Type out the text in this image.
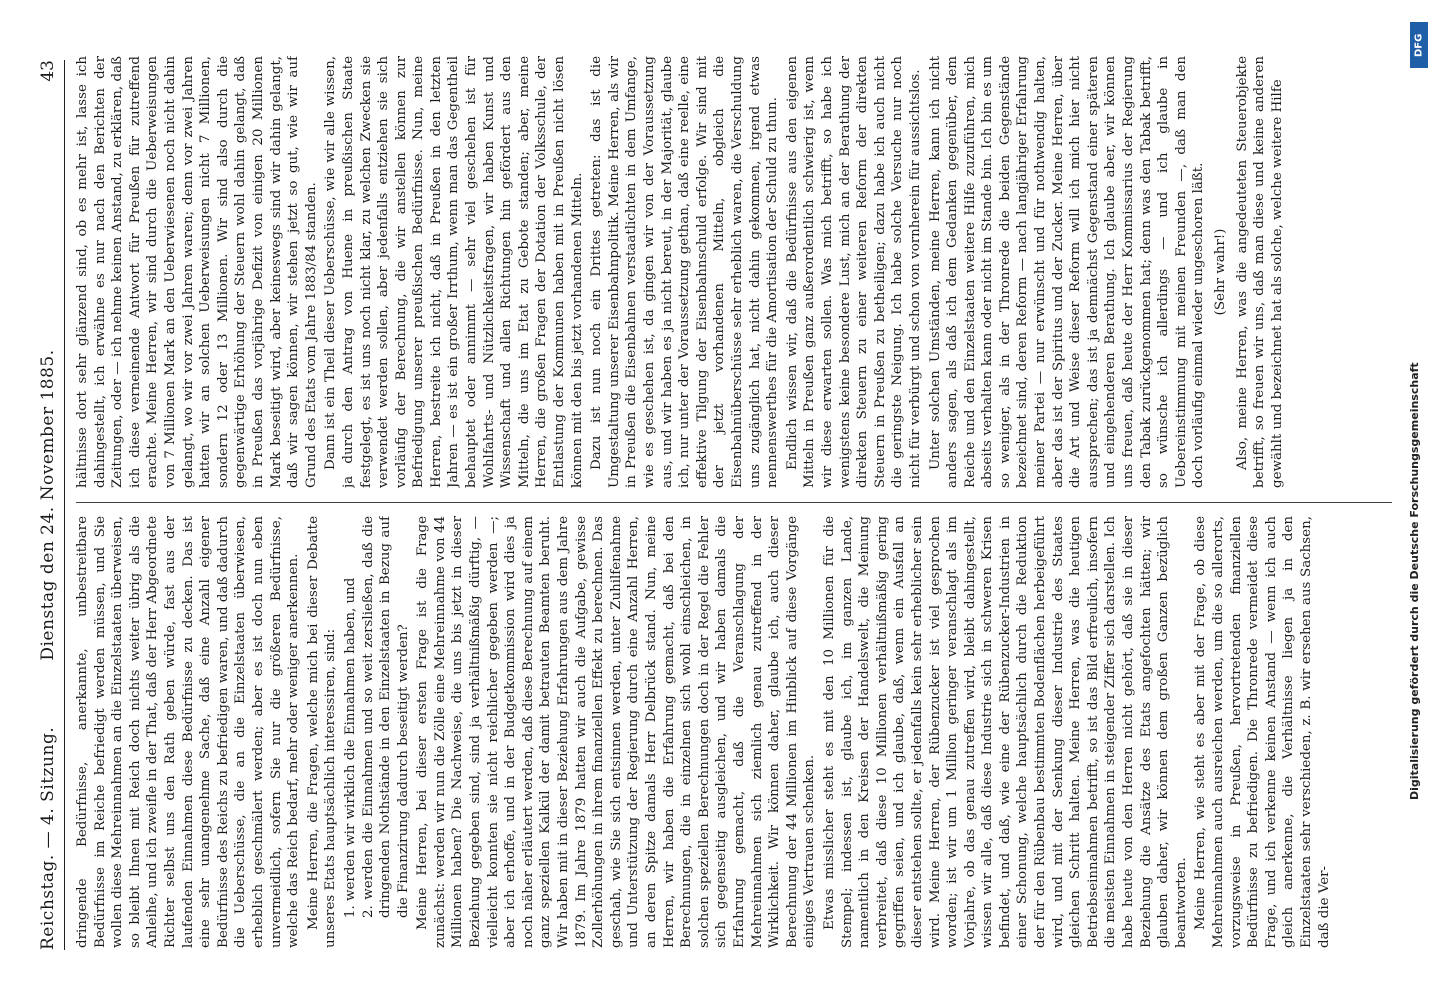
Reichstag. — 4. Sitzung.
Dienstag den 24. November 1885.
43

dringende Bedürfnisse, anerkannte, unbestreitbare Bedürfnisse im Reiche befriedigt werden müssen, und Sie wollen diese Mehreinnahmen an die Einzelstaaten überweisen, so bleibt Ihnen mit Reich doch nichts weiter übrig als die Anleihe, und ich zweifle in der That, daß der Herr Abgeordnete Richter selbst uns den Rath geben würde, fast aus der laufenden Einnahmen diese Bedürfnisse zu decken. Das ist eine sehr unangenehme Sache, daß eine Anzahl eigener Bedürfnisse des Reichs zu befriedigen waren, und daß dadurch die Ueberschüsse, die an die Einzelstaaten überwiesen, erheblich geschmälert werden; aber es ist doch nun eben unvermeidlich, sofern Sie nur die größeren Bedürfnisse, welche das Reich bedarf, mehr oder weniger anerkennen. Meine Herren, die Fragen, welche mich bei dieser Debatte unseres Etats hauptsächlich interessiren, sind: 1. werden wir wirklich die Einnahmen haben, und 2. werden die Einnahmen und so weit zersließen, daß die dringenden Nothstände in den Einzelstaaten in Bezug auf die Finanzirung dadurch beseitigt werden? Meine Herren, bei dieser ersten Frage ist die Frage zunächst: werden wir nun die Zölle eine Mehreinnahme von 44 Millionen haben? Die Nachweise, die uns bis jetzt in dieser Beziehung gegeben sind, sind ja verhältnißmäßig dürftig, — vielleicht konnten sie nicht reichlicher gegeben werden —; aber ich erhoffe, und in der Budgetkommission wird dies ja noch näher erläutert werden, daß diese Berechnung auf einem ganz speziellen Kalkül der damit betrauten Beamten beruht. Wir haben mit in dieser Beziehung Erfahrungen aus dem Jahre 1879. Im Jahre 1879 hatten wir auch die Aufgabe, gewisse Zollerhöhungen in ihrem finanziellen Effekt zu berechnen. Das geschah, wie Sie sich entsinnen werden, unter Zuhilfenahme und Unterstützung der Regierung durch eine Anzahl Herren, an deren Spitze damals Herr Delbrück stand. Nun, meine Herren, wir haben die Erfahrung gemacht, daß bei den Berechnungen, die in einzelnen sich wohl einschleichen, in solchen speziellen Berechnungen doch in der Regel die Fehler sich gegenseitig ausgleichen, und wir haben damals die Erfahrung gemacht, daß die Veranschlagung der Mehreinnahmen sich ziemlich genau zutreffend in der Wirklichkeit. Wir können daher, glaube ich, auch dieser Berechnung der 44 Millionen im Hinblick auf diese Vorgänge einiges Vertrauen schenken. Etwas misslicher steht es mit den 10 Millionen für die Stempel; indessen ist, glaube ich, im ganzen Lande, namentlich in den Kreisen der Handelswelt, die Meinung verbreitet, daß diese 10 Millionen verhältnißmäßig gering gegriffen seien, und ich glaube, daß, wenn ein Ausfall an dieser entstehen sollte, er jedenfalls kein sehr erheblicher sein wird. Meine Herren, der Rübenzucker ist viel gesprochen worden; ist wir um 1 Million geringer veranschlagt als im Vorjahre, ob das genau zutreffen wird, bleibt dahingestellt, wissen wir alle, daß diese Industrie sich in schweren Krisen befindet, und daß, wie eine der Rübenzucker-Industrien in einer Schonung, welche hauptsächlich durch die Reduktion der für den Rübenbau bestimmten Bodenflächen herbeigeführt wird, und mit der Senkung dieser Industrie des Staates gleichen Schritt halten. Meine Herren, was die heutigen Betriebseinnahmen betrifft, so ist das Bild erfreulich, insofern die meisten Einnahmen in steigender Ziffer sich darstellen. Ich habe heute von den Herren nicht gehört, daß sie in dieser Beziehung die Ansätze des Etats angefochten hätten; wir glauben daher, wir können dem großen Ganzen bezüglich beantworten. Meine Herren, wie steht es aber mit der Frage, ob diese Mehreinnahmen auch ausreichen werden, um die so allerorts, vorzugsweise in Preußen, hervortretenden finanziellen Bedürfnisse zu befriedigen. Die Thronrede vermeidet diese Frage, und ich verkenne keinen Anstand — wenn ich auch gleich anerkenne, die Verhältnisse liegen ja in den Einzelstaaten sehr verschieden, z. B. wir ersehen aus Sachsen, daß die Ver-

hältnisse dort sehr glänzend sind, ob es mehr ist, lasse ich dahingestellt, ich erwähne es nur nach den Berichten der Zeitungen, oder — ich nehme keinen Anstand, zu erklären, daß ich diese verneinende Antwort für Preußen für zutreffend erachte. Meine Herren, wir sind durch die Ueberweisungen von 7 Millionen Mark an den Ueberwiesenen noch nicht dahin gelangt, wo wir vor zwei Jahren waren; denn vor zwei Jahren hatten wir an solchen Ueberweisungen nicht 7 Millionen, sondern 12 oder 13 Millionen. Wir sind also durch die gegenwärtige Erhöhung der Steuern wohl dahin gelangt, daß in Preußen das vorjährige Defizit von einigen 20 Millionen Mark beseitigt wird, aber keineswegs sind wir dahin gelangt, daß wir sagen können, wir stehen jetzt so gut, wie wir auf Grund des Etats vom Jahre 1883/84 standen. Dann ist ein Theil dieser Ueberschüsse, wie wir alle wissen, ja durch den Antrag von Huene in preußischen Staate festgelegt, es ist uns noch nicht klar, zu welchen Zwecken sie verwendet werden sollen, aber jedenfalls entziehen sie sich vorläufig der Berechnung, die wir anstellen können zur Befriedigung unserer preußischen Bedürfnisse. Nun, meine Herren, bestreite ich nicht, daß in Preußen in den letzten Jahren — es ist ein großer Irrthum, wenn man das Gegentheil behauptet oder annimmt — sehr viel geschehen ist für Wohlfahrts- und Nützlichkeitsfragen, wir haben Kunst und Wissenschaft und allen Richtungen hin gefördert aus den Mitteln, die uns im Etat zu Gebote standen; aber, meine Herren, die großen Fragen der Dotation der Volksschule, der Entlastung der Kommunen haben mit in Preußen nicht lösen können mit den bis jetzt vorhandenen Mitteln. Dazu ist nun noch ein Drittes getreten: das ist die Umgestaltung unserer Eisenbahnpolitik. Meine Herren, als wir in Preußen die Eisenbahnen verstaatlichten in dem Umfange, wie es geschehen ist, da gingen wir von der Voraussetzung aus, und wir haben es ja nicht bereut, in der Majorität, glaube ich, nur unter der Voraussetzung gethan, daß eine reelle, eine effektive Tilgung der Eisenbahnschuld erfolge. Wir sind mit der jetzt vorhandenen Mitteln, obgleich die Eisenbahnüberschüsse sehr erheblich waren, die Verschuldung uns zugänglich hat, nicht dahin gekommen, irgend etwas nennenswerthes für die Amortisation der Schuld zu thun. Endlich wissen wir, daß die Bedürfnisse aus den eigenen Mitteln in Preußen ganz außerordentlich schwierig ist, wenn wir diese erwarten sollen. Was mich betrifft, so habe ich wenigstens keine besondere Lust, mich an der Berathung der direkten Steuern zu einer weiteren Reform der direkten Steuern in Preußen zu betheiligen; dazu habe ich auch nicht die geringste Neigung. Ich habe solche Versuche nur noch nicht für verbürgt und schon von vornherein für aussichtslos. Unter solchen Umständen, meine Herren, kann ich nicht anders sagen, als daß ich dem Gedanken gegenüber, dem Reiche und den Einzelstaaten weitere Hilfe zuzuführen, mich abseits verhalten kann oder nicht im Stande bin. Ich bin es um so weniger, als in der Thronrede die beiden Gegenstände bezeichnet sind, deren Reform — nach langjähriger Erfahrung meiner Partei — nur erwünscht und für nothwendig halten, aber das ist der Spiritus und der Zucker. Meine Herren, über die Art und Weise dieser Reform will ich mich hier nicht aussprechen; das ist ja demnächst Gegenstand einer späteren und eingehenderen Berathung. Ich glaube aber, wir können uns freuen, daß heute der Herr Kommissarius der Regierung den Tabak zurückgenommen hat; denn was den Tabak betrifft, so wünsche ich allerdings — und ich glaube in Uebereinstimmung mit meinen Freunden —, daß man den doch vorläufig einmal wieder ungeschoren läßt. (Sehr wahr!) Also, meine Herren, was die angedeuteten Steuerobjekte betrifft, so freuen wir uns, daß man diese und keine anderen gewählt und bezeichnet hat als solche, welche weitere Hilfe

DFG
Digitalisierung gefördert durch die Deutsche Forschungsgemeinschaft
